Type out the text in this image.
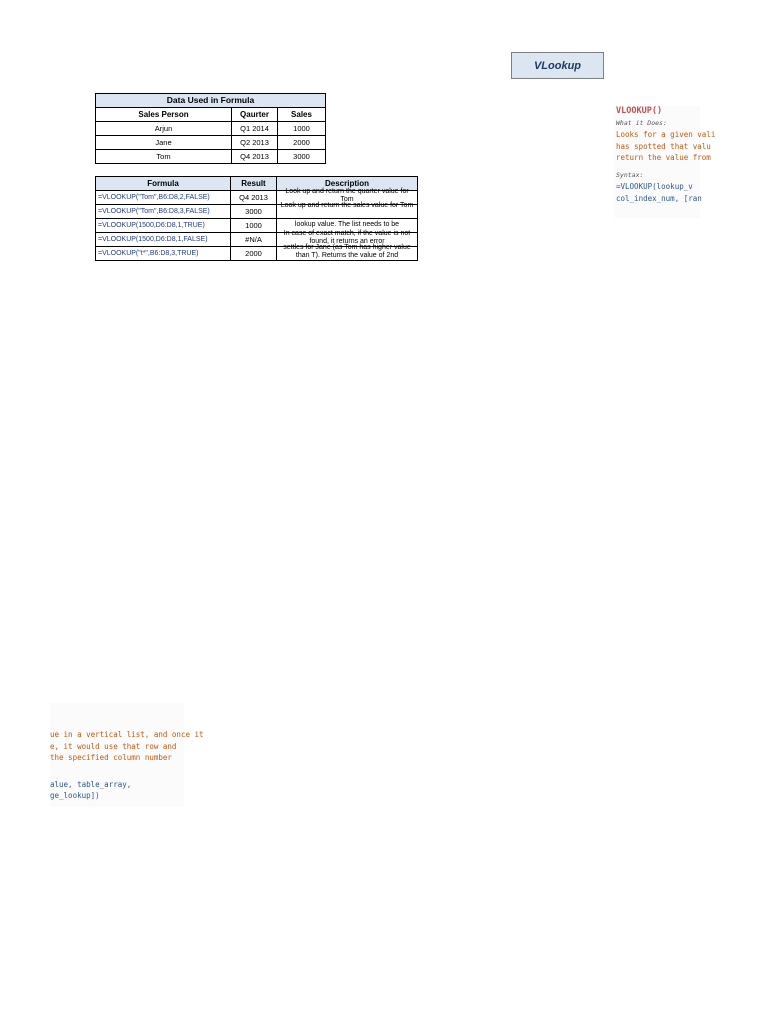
VLookup
Data Used in Formula		
Sales Person	Qaurter	Sales
Arjun	Q1 2014	1000
Jane	Q2 2013	2000
Tom	Q4 2013	3000
Formula	Result	Description
=VLOOKUP("Tom",B6:D8,2,FALSE)	Q4 2013	Look up and return the quarter value for Tom

=VLOOKUP("Tom",B6:D8,3,FALSE)	3000	Look up and return the sales value for Tom

=VLOOKUP(1500,D6:D8,1,TRUE)	1000	lookup value. The list needs to be

=VLOOKUP(1500,D6:D8,1,FALSE)	#N/A	In case of exact match, if the value is not found, it returns an error

=VLOOKUP("t*",B6:D8,3,TRUE)	2000	settles for Jane (as Tom has higher value than T). Returns the value of 2nd
VLOOKUP()
What it Does:
Looks for a given vali
has spotted that valu
return the value from
Syntax:
=VLOOKUP(lookup_v
col_index_num, [ran
ue in a vertical list, and once it
e, it would use that row and
the specified column number
alue, table_array,
ge_lookup])
